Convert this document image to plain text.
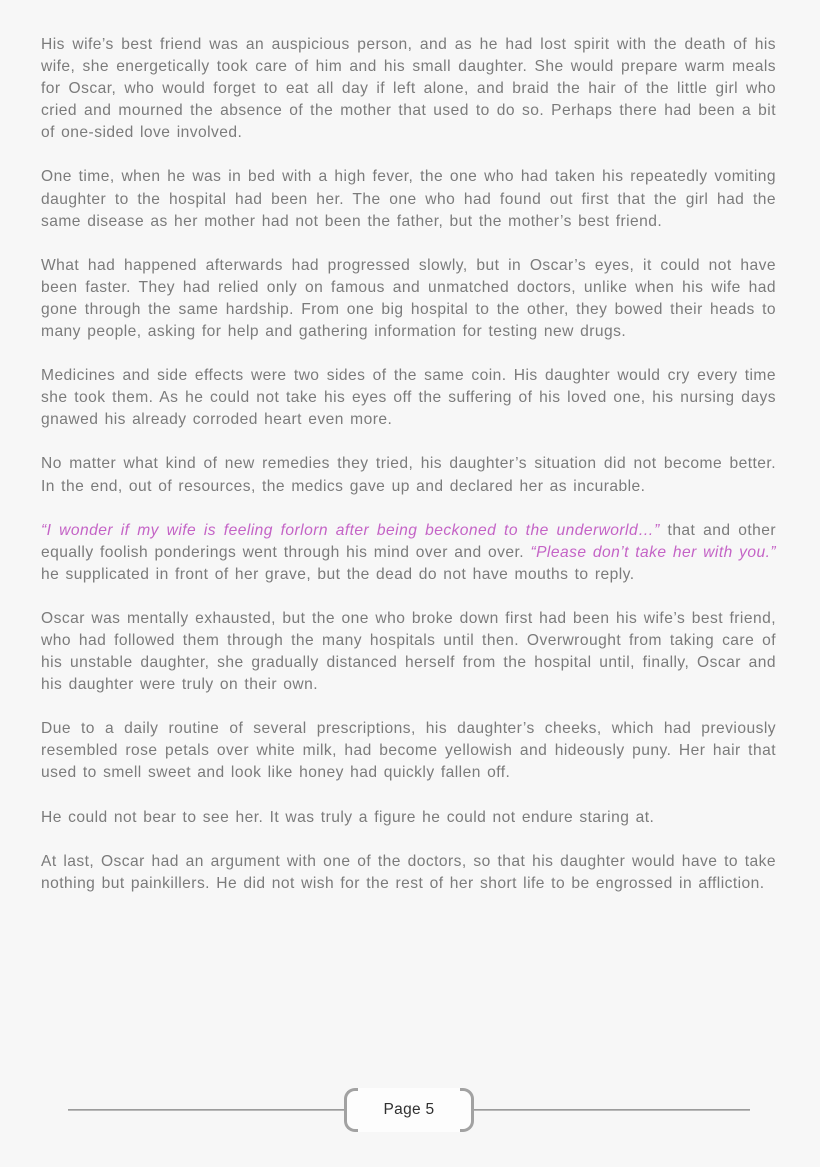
His wife’s best friend was an auspicious person, and as he had lost spirit with the death of his wife, she energetically took care of him and his small daughter. She would prepare warm meals for Oscar, who would forget to eat all day if left alone, and braid the hair of the little girl who cried and mourned the absence of the mother that used to do so. Perhaps there had been a bit of one-sided love involved.

One time, when he was in bed with a high fever, the one who had taken his repeatedly vomiting daughter to the hospital had been her. The one who had found out first that the girl had the same disease as her mother had not been the father, but the mother’s best friend.

What had happened afterwards had progressed slowly, but in Oscar’s eyes, it could not have been faster. They had relied only on famous and unmatched doctors, unlike when his wife had gone through the same hardship. From one big hospital to the other, they bowed their heads to many people, asking for help and gathering information for testing new drugs.

Medicines and side effects were two sides of the same coin. His daughter would cry every time she took them. As he could not take his eyes off the suffering of his loved one, his nursing days gnawed his already corroded heart even more.

No matter what kind of new remedies they tried, his daughter’s situation did not become better. In the end, out of resources, the medics gave up and declared her as incurable.

“I wonder if my wife is feeling forlorn after being beckoned to the underworld…” that and other equally foolish ponderings went through his mind over and over. “Please don’t take her with you.” he supplicated in front of her grave, but the dead do not have mouths to reply.

Oscar was mentally exhausted, but the one who broke down first had been his wife’s best friend, who had followed them through the many hospitals until then. Overwrought from taking care of his unstable daughter, she gradually distanced herself from the hospital until, finally, Oscar and his daughter were truly on their own.

Due to a daily routine of several prescriptions, his daughter’s cheeks, which had previously resembled rose petals over white milk, had become yellowish and hideously puny. Her hair that used to smell sweet and look like honey had quickly fallen off.

He could not bear to see her. It was truly a figure he could not endure staring at.

At last, Oscar had an argument with one of the doctors, so that his daughter would have to take nothing but painkillers. He did not wish for the rest of her short life to be engrossed in affliction.

Page 5
